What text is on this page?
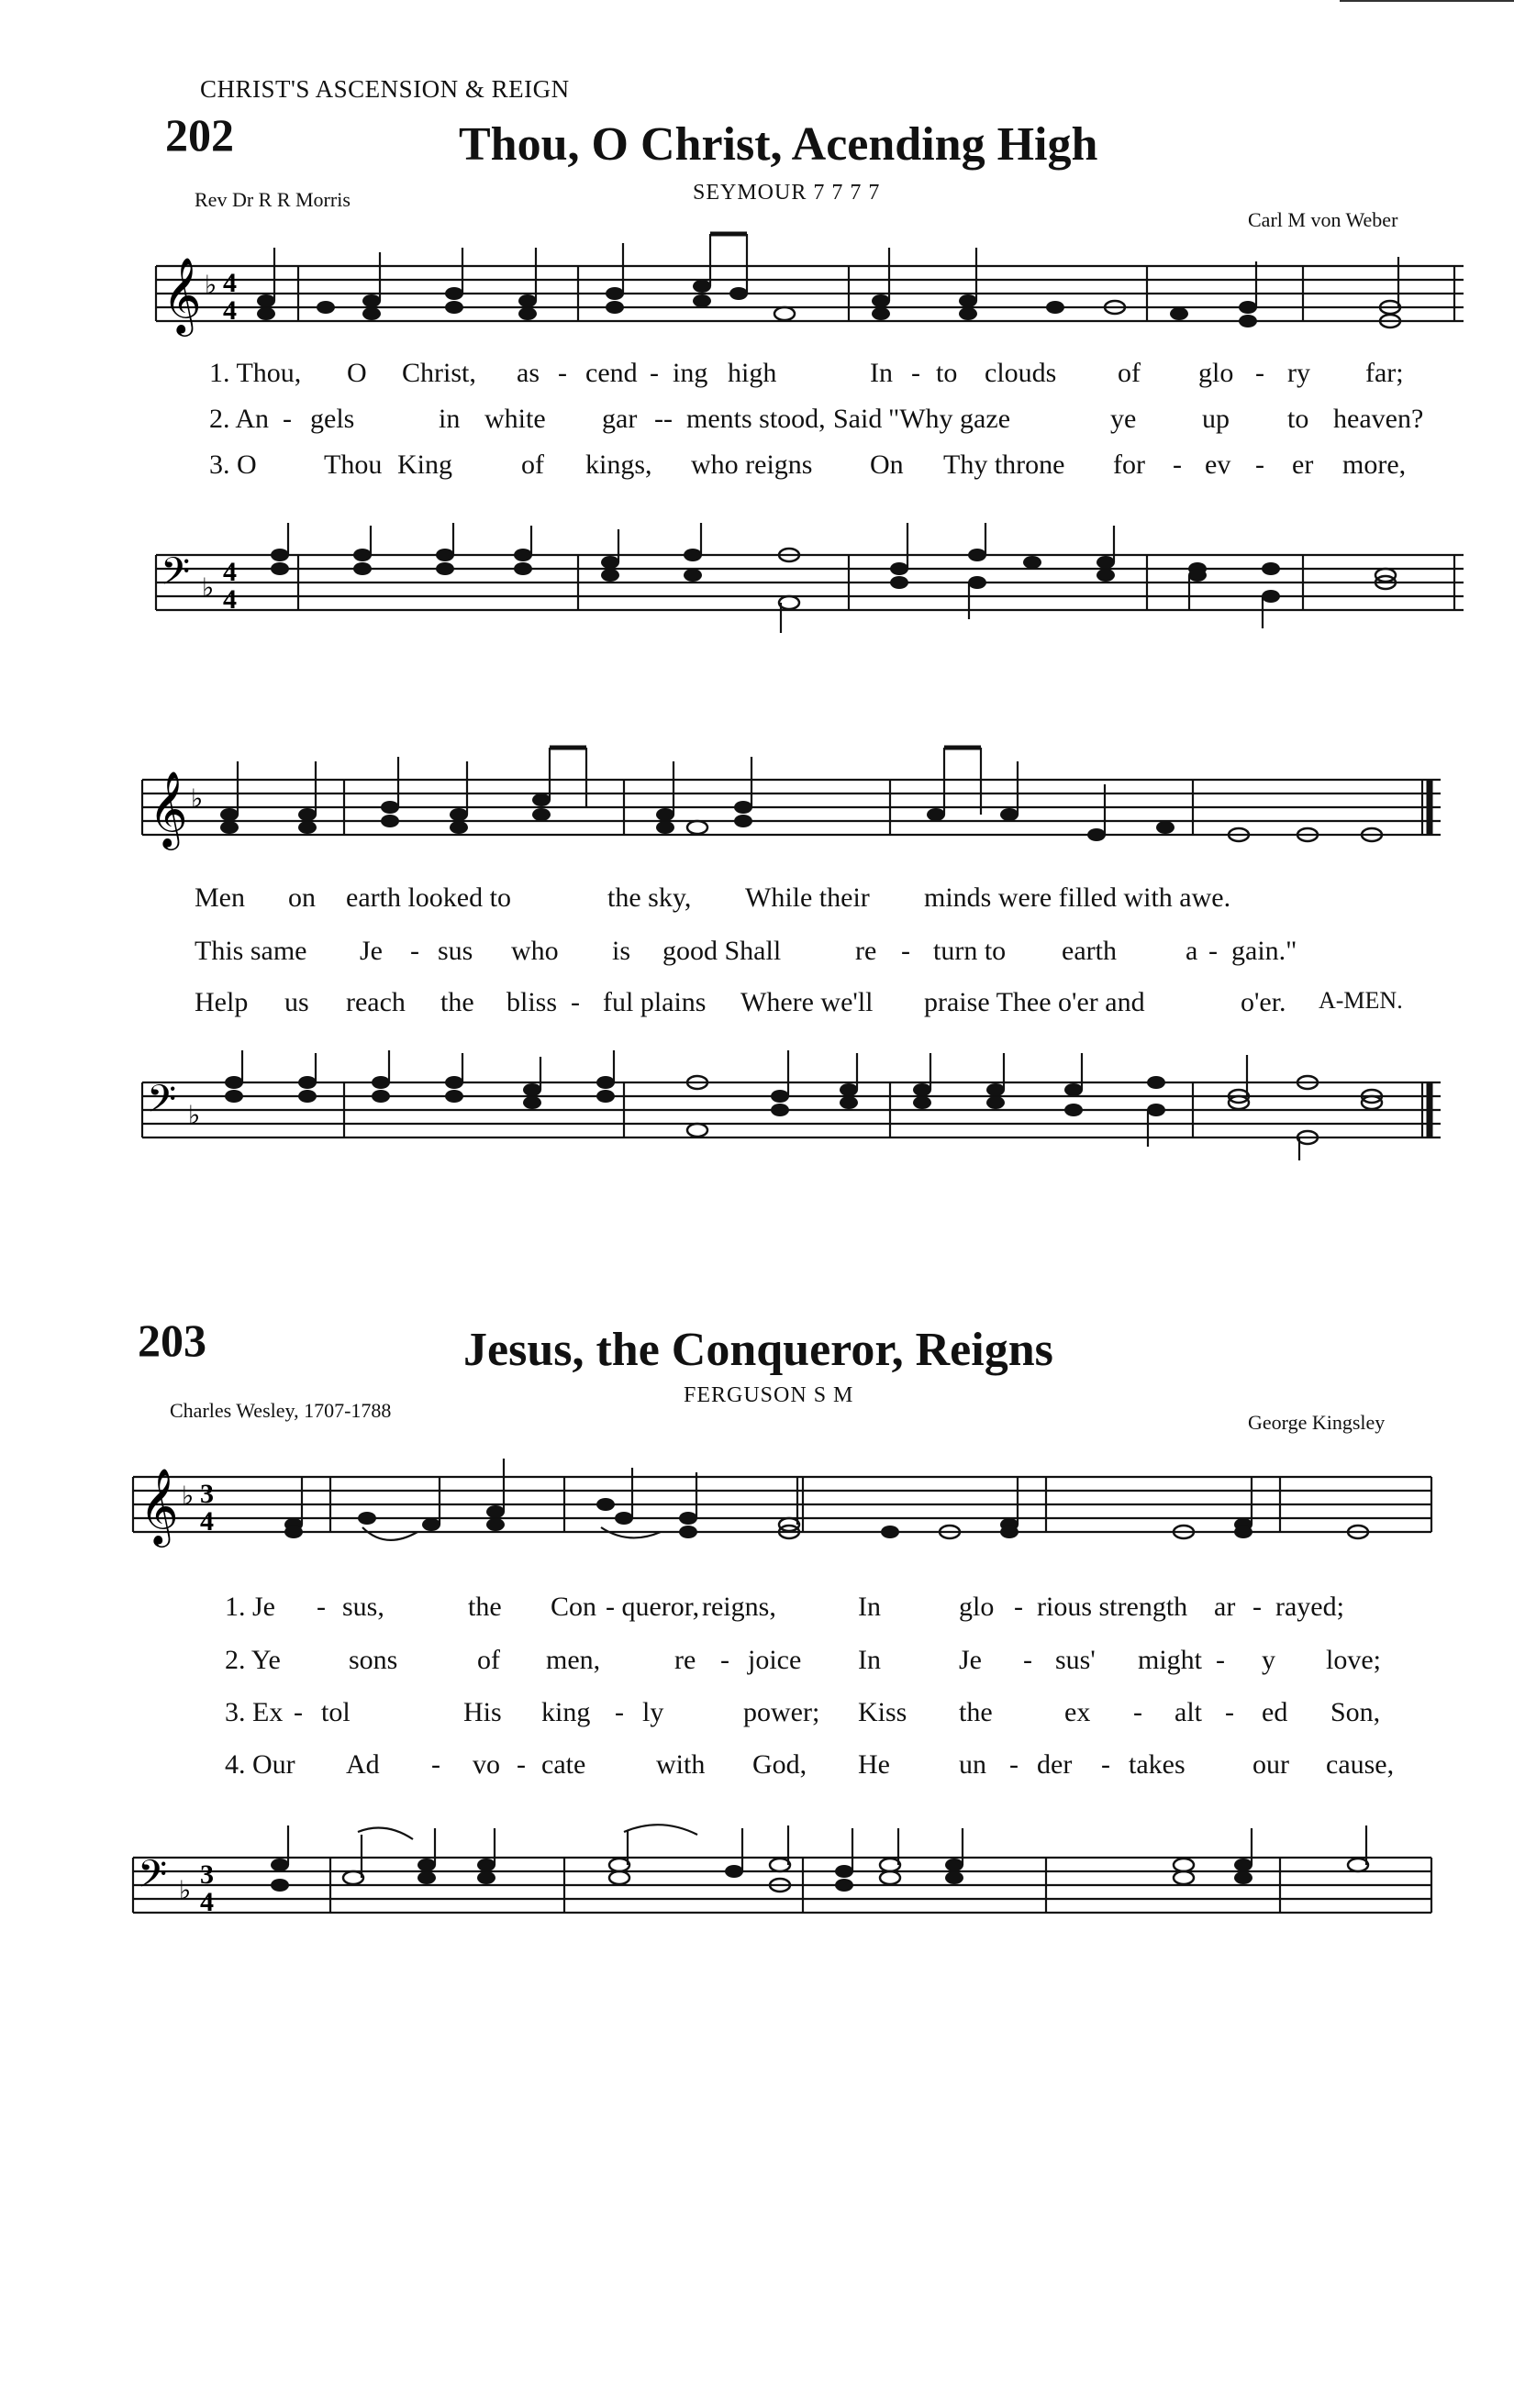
CHRIST'S ASCENSION & REIGN
202	Thou, O Christ, Acending High
Rev Dr R R Morris	SEYMOUR 7 7 7 7
Carl M von Weber
𝄞 ♭ 4
4
1. Thou, O Christ, as - cend - ing high	In - to clouds of glo - ry far;
2. An - gels	in white gar -- ments stood, Said "Why gaze	ye up to heaven?
3. O Thou King	of kings, who reigns On Thy throne for - ev - er more,
𝄢 ♭
4
4
𝄞 ♭
Men on earth looked to	the sky, While their minds were filled with awe.
This same Je - sus who is good Shall	re - turn to earth	a - gain."
Help us reach the bliss - ful plains Where we'll praise Thee o'er and	o'er. A-MEN.
𝄢 ♭
203	Jesus, the Conqueror, Reigns
FERGUSON S M
Charles Wesley, 1707-1788
George Kingsley
𝄞 ♭ 3
4
1. Je - sus,	the Con - queror, reigns,	In	glo - rious strength ar - rayed;
2. Ye sons	of men,	re - joice In	Je - sus' might - y love;
3. Ex - tol	His king - ly	power; Kiss the	ex - alt - ed Son,
4. Our Ad - vo - cate	with God, He	un - der - takes our cause,
𝄢 ♭
3
4
